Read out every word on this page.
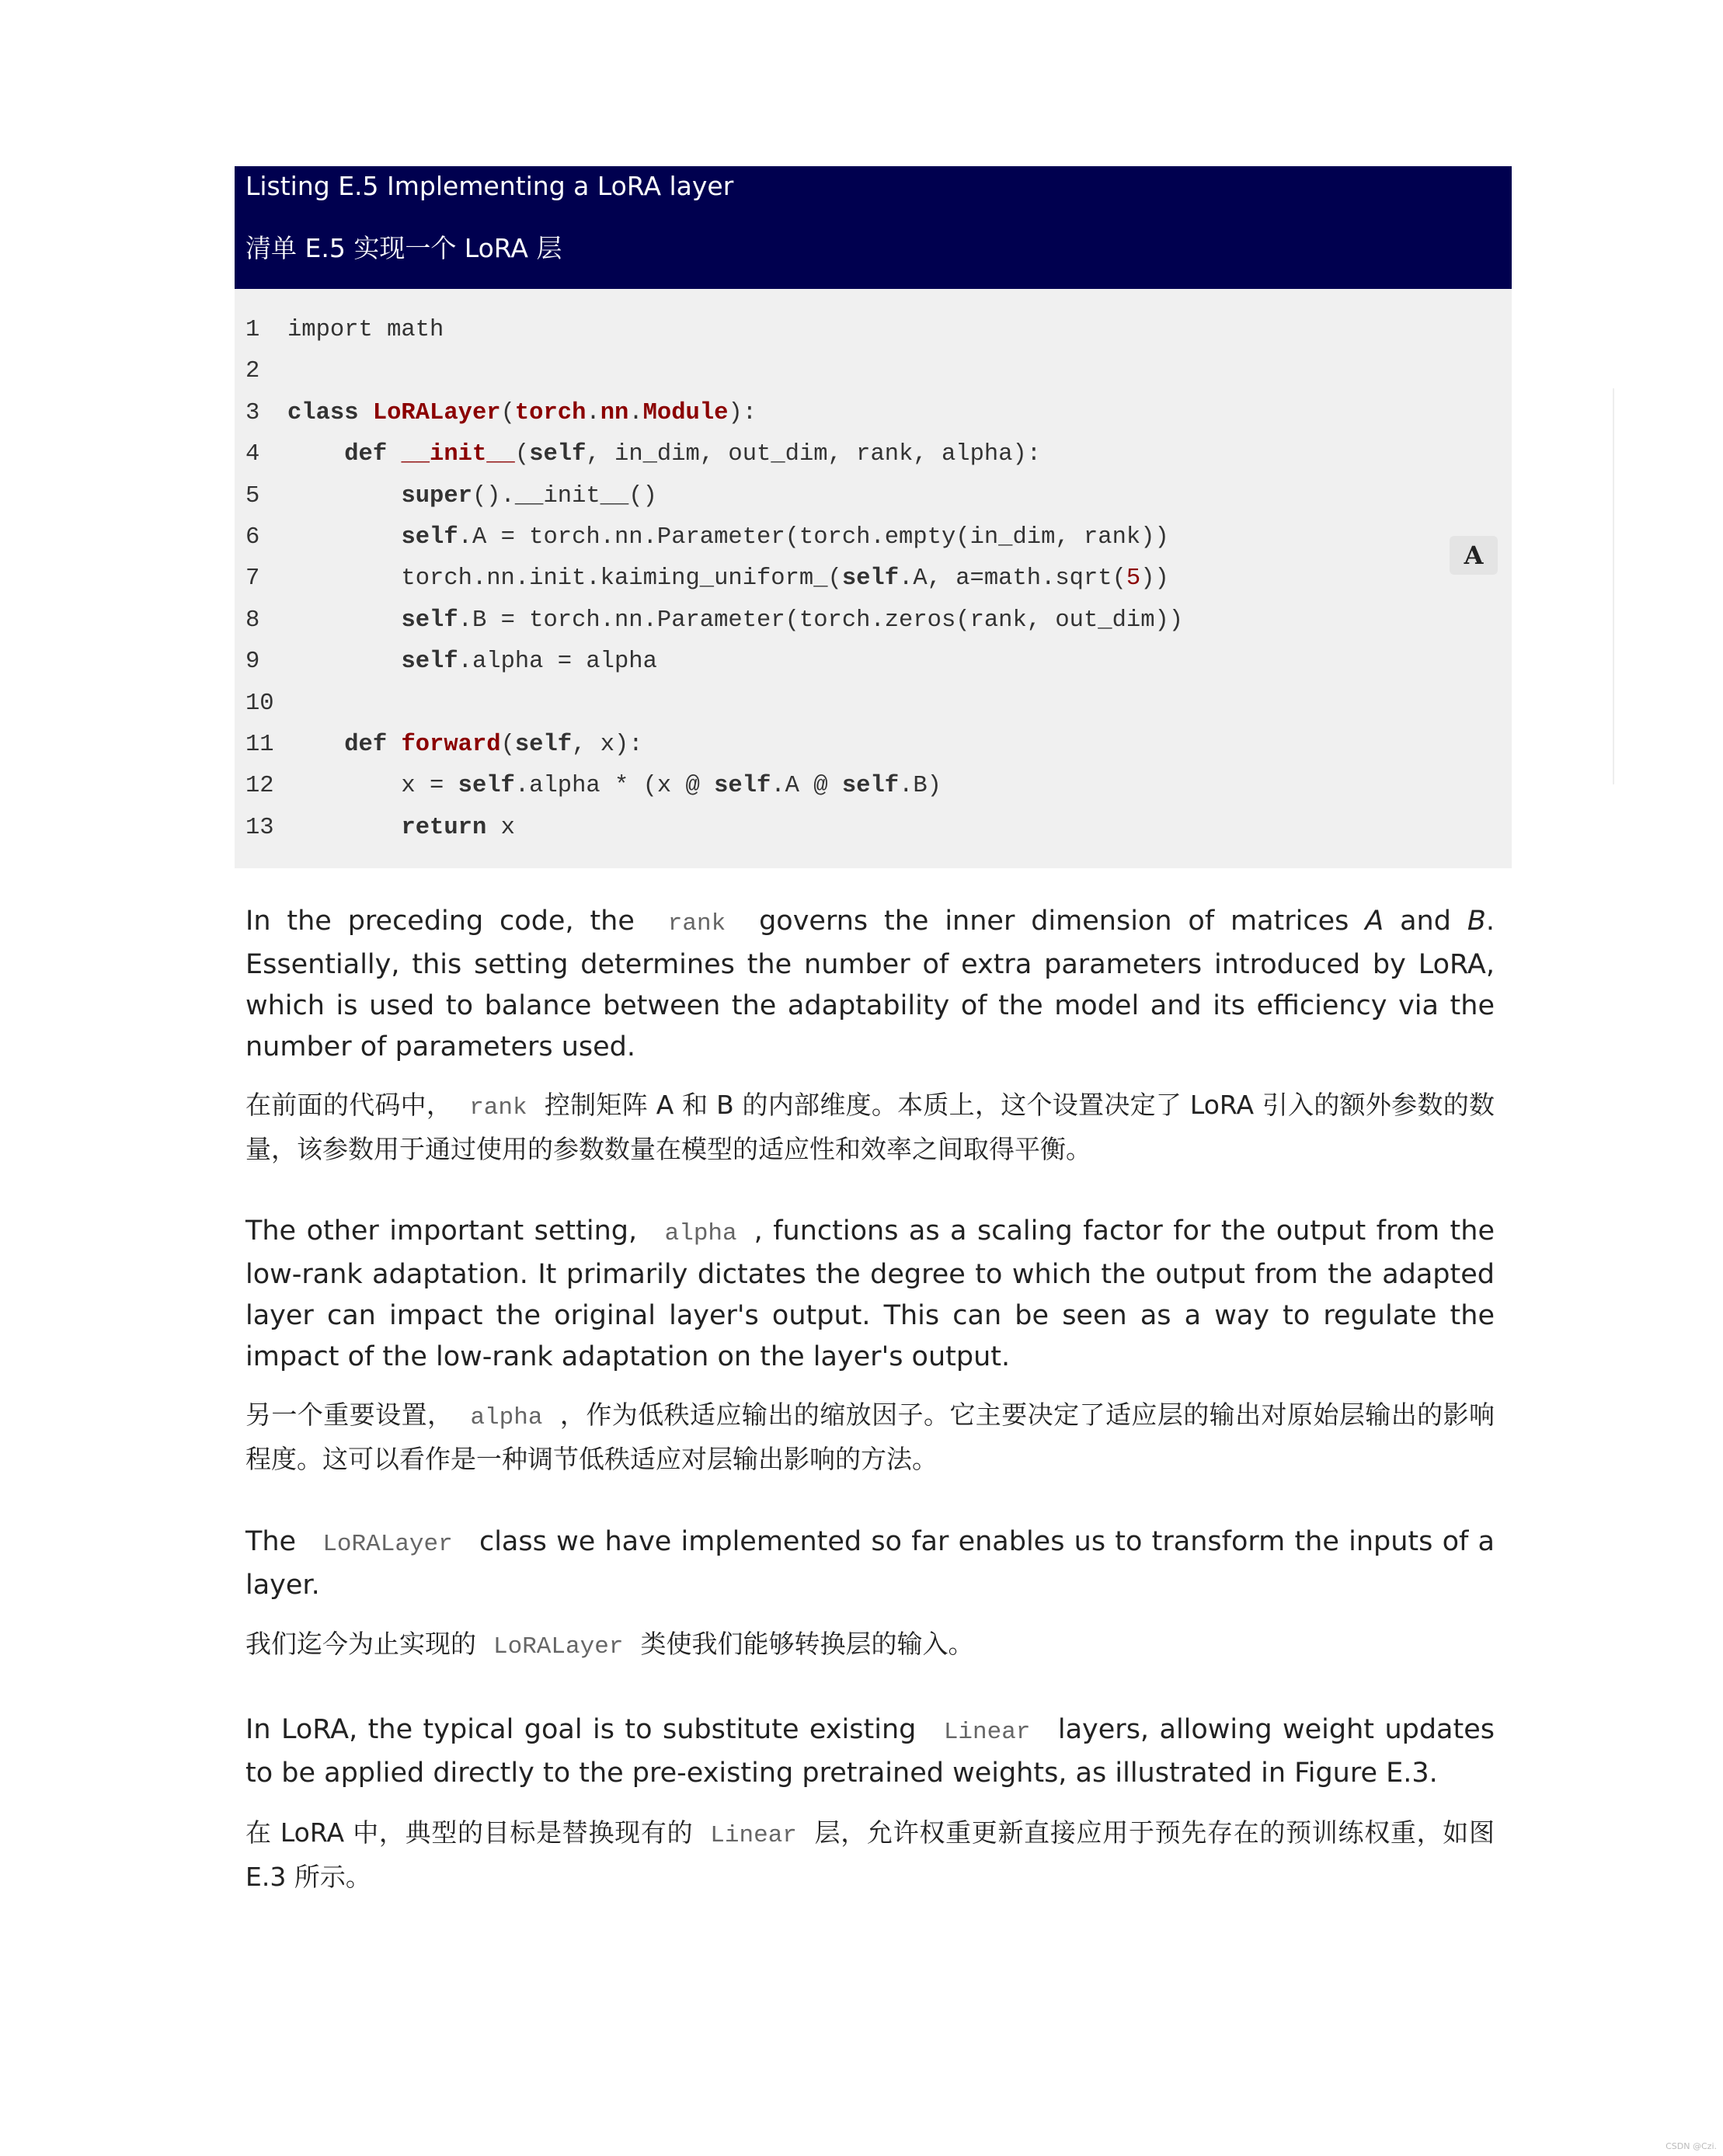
Listing E.5 Implementing a LoRA layer
清单 E.5 实现一个 LoRA 层
1	import math
2
3	class LoRALayer(torch.nn.Module):
4	def __init__(self, in_dim, out_dim, rank, alpha):
5	super().__init__()
6	self.A = torch.nn.Parameter(torch.empty(in_dim, rank))
7	torch.nn.init.kaiming_uniform_(self.A, a=math.sqrt(5))
8	self.B = torch.nn.Parameter(torch.zeros(rank, out_dim))
9	self.alpha = alpha
10
11	def forward(self, x):
12 x = self.alpha * (x @ self.A @ self.B)
13	return x
A

In the preceding code, the rank governs the inner dimension of matrices A and B. Essentially, this setting determines the number of extra parameters introduced by LoRA, which is used to balance between the adaptability of the model and its efficiency via the number of parameters used.

在前面的代码中， rank 控制矩阵 A 和 B 的内部维度。本质上，这个设置决定了 LoRA 引入的额外参数的数量，该参数用于通过使用的参数数量在模型的适应性和效率之间取得平衡。

The other important setting, alpha , functions as a scaling factor for the output from the low-rank adaptation. It primarily dictates the degree to which the output from the adapted layer can impact the original layer's output. This can be seen as a way to regulate the impact of the low-rank adaptation on the layer's output.

另一个重要设置， alpha ，作为低秩适应输出的缩放因子。它主要决定了适应层的输出对原始层输出的影响程度。这可以看作是一种调节低秩适应对层输出影响的方法。

The LoRALayer class we have implemented so far enables us to transform the inputs of a layer.

我们迄今为止实现的 LoRALayer 类使我们能够转换层的输入。

In LoRA, the typical goal is to substitute existing Linear layers, allowing weight updates to be applied directly to the pre-existing pretrained weights, as illustrated in Figure E.3.

在 LoRA 中，典型的目标是替换现有的 Linear 层，允许权重更新直接应用于预先存在的预训练权重，如图 E.3 所示。

CSDN @Czi.
